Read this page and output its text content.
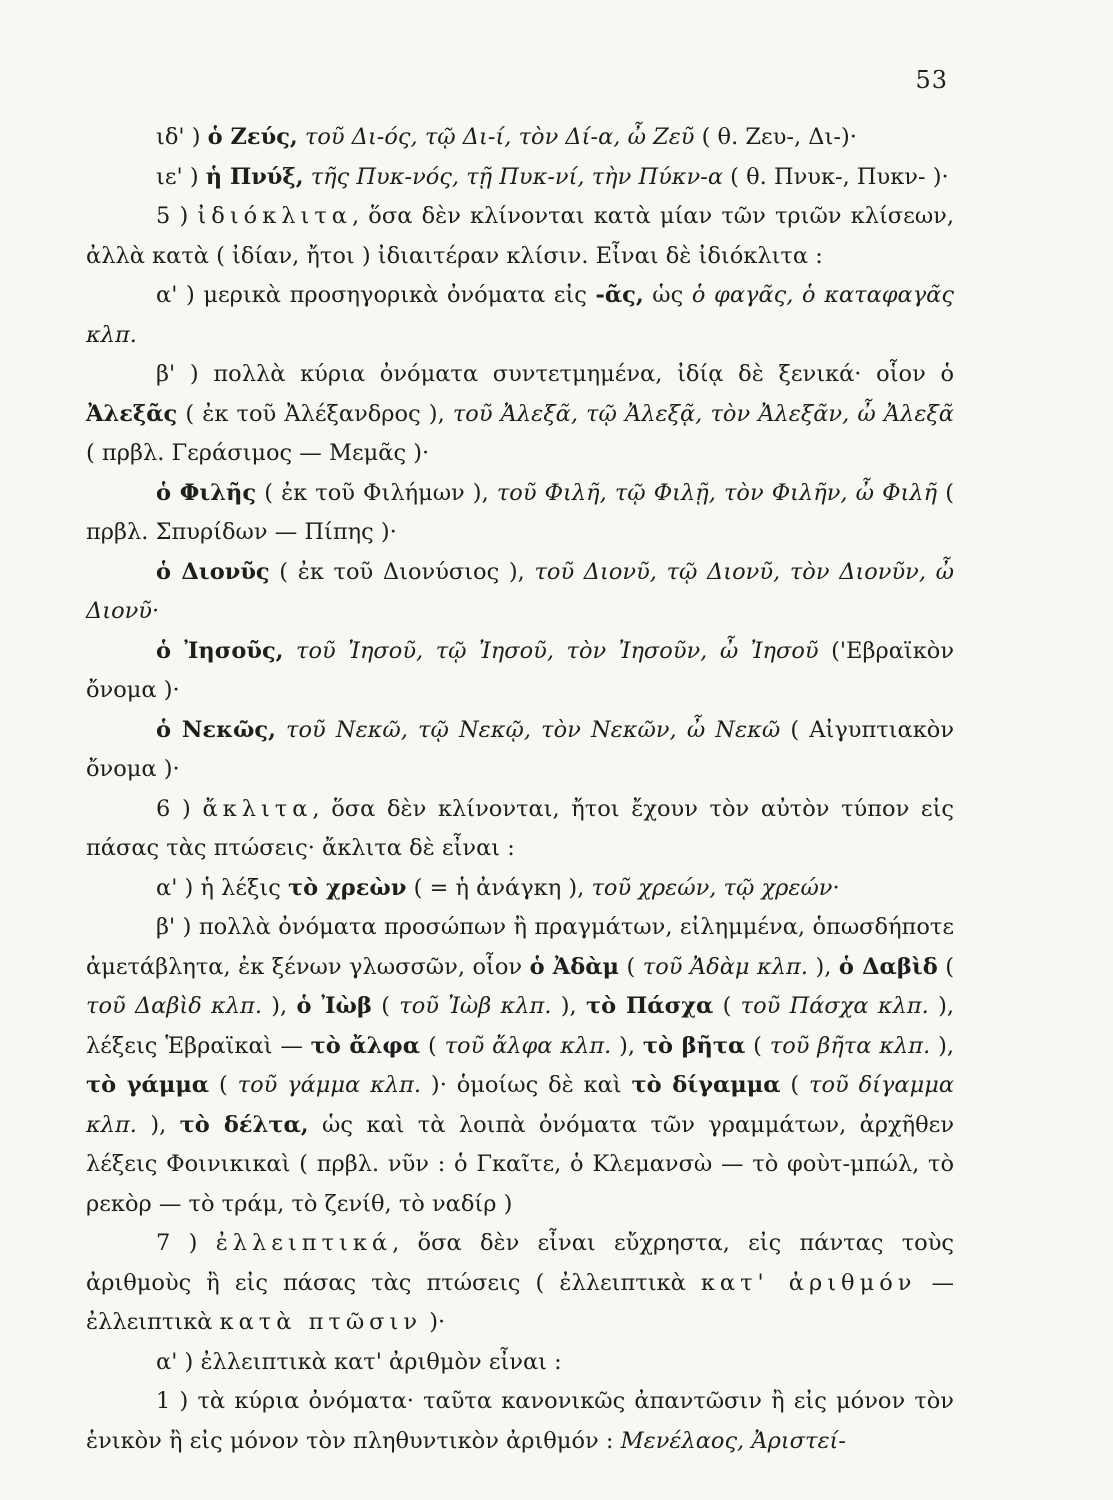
53

ιδ' ) ὁ Ζεύς, τοῦ Δι-ός, τῷ Δι-ί, τὸν Δί-α, ὦ Ζεῦ ( θ. Ζευ-, Δι-)·

ιε' ) ἡ Πνύξ, τῆς Πυκ-νός, τῇ Πυκ-νί, τὴν Πύκν-α ( θ. Πνυκ-, Πυκν- )·

5 ) ἰδιόκλιτα, ὅσα δὲν κλίνονται κατὰ μίαν τῶν τριῶν κλίσεων, ἀλλὰ κατὰ ( ἰδίαν, ἤτοι ) ἰδιαιτέραν κλίσιν. Εἶναι δὲ ἰδιόκλιτα :

α' ) μερικὰ προσηγορικὰ ὀνόματα εἰς -ᾶς, ὡς ὁ φαγᾶς, ὁ καταφαγᾶς κλπ.

β' ) πολλὰ κύρια ὀνόματα συντετμημένα, ἰδίᾳ δὲ ξενικά· οἷον ὁ Ἀλεξᾶς ( ἐκ τοῦ Ἀλέξανδρος ), τοῦ Ἀλεξᾶ, τῷ Ἀλεξᾷ, τὸν Ἀλεξᾶν, ὦ Ἀλεξᾶ ( πρβλ. Γεράσιμος — Μεμᾶς )·

ὁ Φιλῆς ( ἐκ τοῦ Φιλήμων ), τοῦ Φιλῆ, τῷ Φιλῇ, τὸν Φιλῆν, ὦ Φιλῆ ( πρβλ. Σπυρίδων — Πίπης )·

ὁ Διονῦς ( ἐκ τοῦ Διονύσιος ), τοῦ Διονῦ, τῷ Διονῦ, τὸν Διονῦν, ὦ Διονῦ·

ὁ Ἰησοῦς, τοῦ Ἰησοῦ, τῷ Ἰησοῦ, τὸν Ἰησοῦν, ὦ Ἰησοῦ ('Εβραϊκὸν ὄνομα )·

ὁ Νεκῶς, τοῦ Νεκῶ, τῷ Νεκῷ, τὸν Νεκῶν, ὦ Νεκῶ ( Αἰγυπτιακὸν ὄνομα )·

6 ) ἄκλιτα, ὅσα δὲν κλίνονται, ἤτοι ἔχουν τὸν αὐτὸν τύπον εἰς πάσας τὰς πτώσεις· ἄκλιτα δὲ εἶναι :

α' ) ἡ λέξις τὸ χρεὼν ( = ἡ ἀνάγκη ), τοῦ χρεών, τῷ χρεών·

β' ) πολλὰ ὀνόματα προσώπων ἢ πραγμάτων, εἰλημμένα, ὁπωσδήποτε ἀμετάβλητα, ἐκ ξένων γλωσσῶν, οἷον ὁ Ἀδὰμ ( τοῦ Ἀδὰμ κλπ. ), ὁ Δαβὶδ ( τοῦ Δαβὶδ κλπ. ), ὁ Ἰὼβ ( τοῦ Ἰὼβ κλπ. ), τὸ Πάσχα ( τοῦ Πάσχα κλπ. ), λέξεις Ἑβραϊκαὶ — τὸ ἄλφα ( τοῦ ἄλφα κλπ. ), τὸ βῆτα ( τοῦ βῆτα κλπ. ), τὸ γάμμα ( τοῦ γάμμα κλπ. )· ὁμοίως δὲ καὶ τὸ δίγαμμα ( τοῦ δίγαμμα κλπ. ), τὸ δέλτα, ὡς καὶ τὰ λοιπὰ ὀνόματα τῶν γραμμάτων, ἀρχῆθεν λέξεις Φοινικικαὶ ( πρβλ. νῦν : ὁ Γκαῖτε, ὁ Κλεμανσὼ — τὸ φοὺτ-μπώλ, τὸ ρεκὸρ — τὸ τράμ, τὸ ζενίθ, τὸ ναδίρ )

7 ) ἐλλειπτικά, ὅσα δὲν εἶναι εὔχρηστα, εἰς πάντας τοὺς ἀριθμοὺς ἢ εἰς πάσας τὰς πτώσεις ( ἐλλειπτικὰ κατ' ἀριθμόν — ἐλλειπτικὰ κατὰ πτῶσιν )·

α' ) ἐλλειπτικὰ κατ' ἀριθμὸν εἶναι :

1 ) τὰ κύρια ὀνόματα· ταῦτα κανονικῶς ἀπαντῶσιν ἢ εἰς μόνον τὸν ἑνικὸν ἢ εἰς μόνον τὸν πληθυντικὸν ἀριθμόν : Μενέλαος, Ἀριστεί-
